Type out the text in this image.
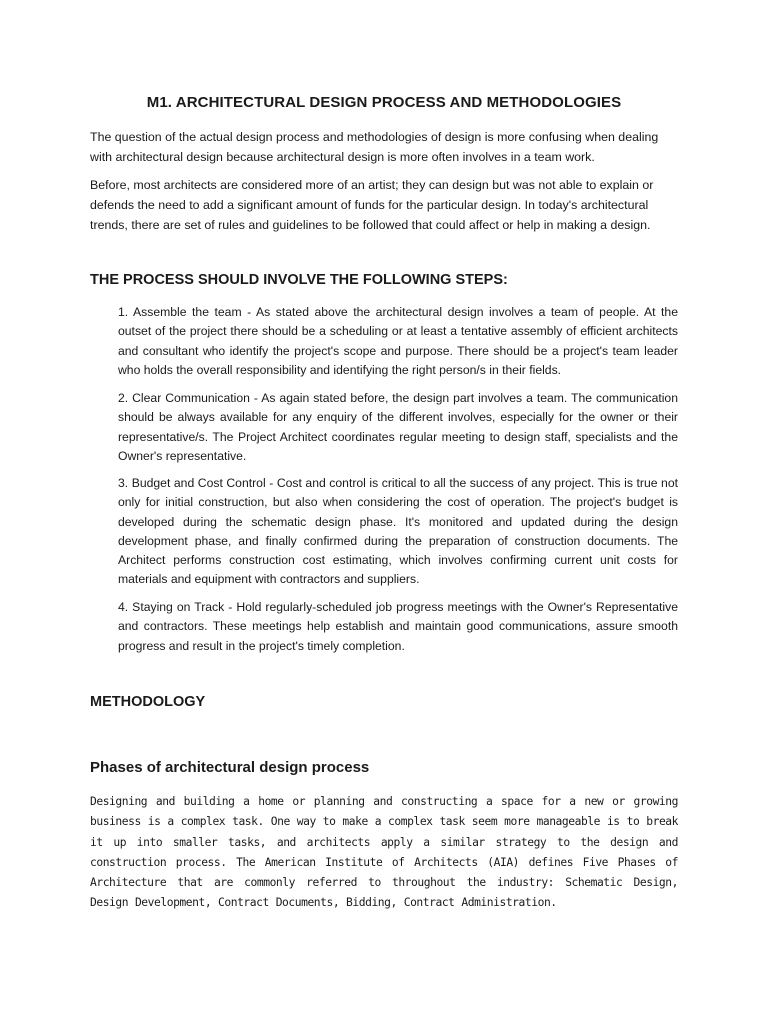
M1. ARCHITECTURAL DESIGN PROCESS AND METHODOLOGIES

The question of the actual design process and methodologies of design is more confusing when dealing with architectural design because architectural design is more often involves in a team work.

Before, most architects are considered more of an artist; they can design but was not able to explain or defends the need to add a significant amount of funds for the particular design. In today's architectural trends, there are set of rules and guidelines to be followed that could affect or help in making a design.

THE PROCESS SHOULD INVOLVE THE FOLLOWING STEPS:

1. Assemble the team - As stated above the architectural design involves a team of people. At the outset of the project there should be a scheduling or at least a tentative assembly of efficient architects and consultant who identify the project's scope and purpose. There should be a project's team leader who holds the overall responsibility and identifying the right person/s in their fields.

2. Clear Communication - As again stated before, the design part involves a team. The communication should be always available for any enquiry of the different involves, especially for the owner or their representative/s. The Project Architect coordinates regular meeting to design staff, specialists and the Owner's representative.

3. Budget and Cost Control - Cost and control is critical to all the success of any project. This is true not only for initial construction, but also when considering the cost of operation. The project's budget is developed during the schematic design phase. It's monitored and updated during the design development phase, and finally confirmed during the preparation of construction documents. The Architect performs construction cost estimating, which involves confirming current unit costs for materials and equipment with contractors and suppliers.

4. Staying on Track - Hold regularly-scheduled job progress meetings with the Owner's Representative and contractors. These meetings help establish and maintain good communications, assure smooth progress and result in the project's timely completion.

METHODOLOGY
Phases of architectural design process

Designing and building a home or planning and constructing a space for a new or growing business is a complex task. One way to make a complex task seem more manageable is to break it up into smaller tasks, and architects apply a similar strategy to the design and construction process. The American Institute of Architects (AIA) defines Five Phases of Architecture that are commonly referred to throughout the industry: Schematic Design, Design Development, Contract Documents, Bidding, Contract Administration.
